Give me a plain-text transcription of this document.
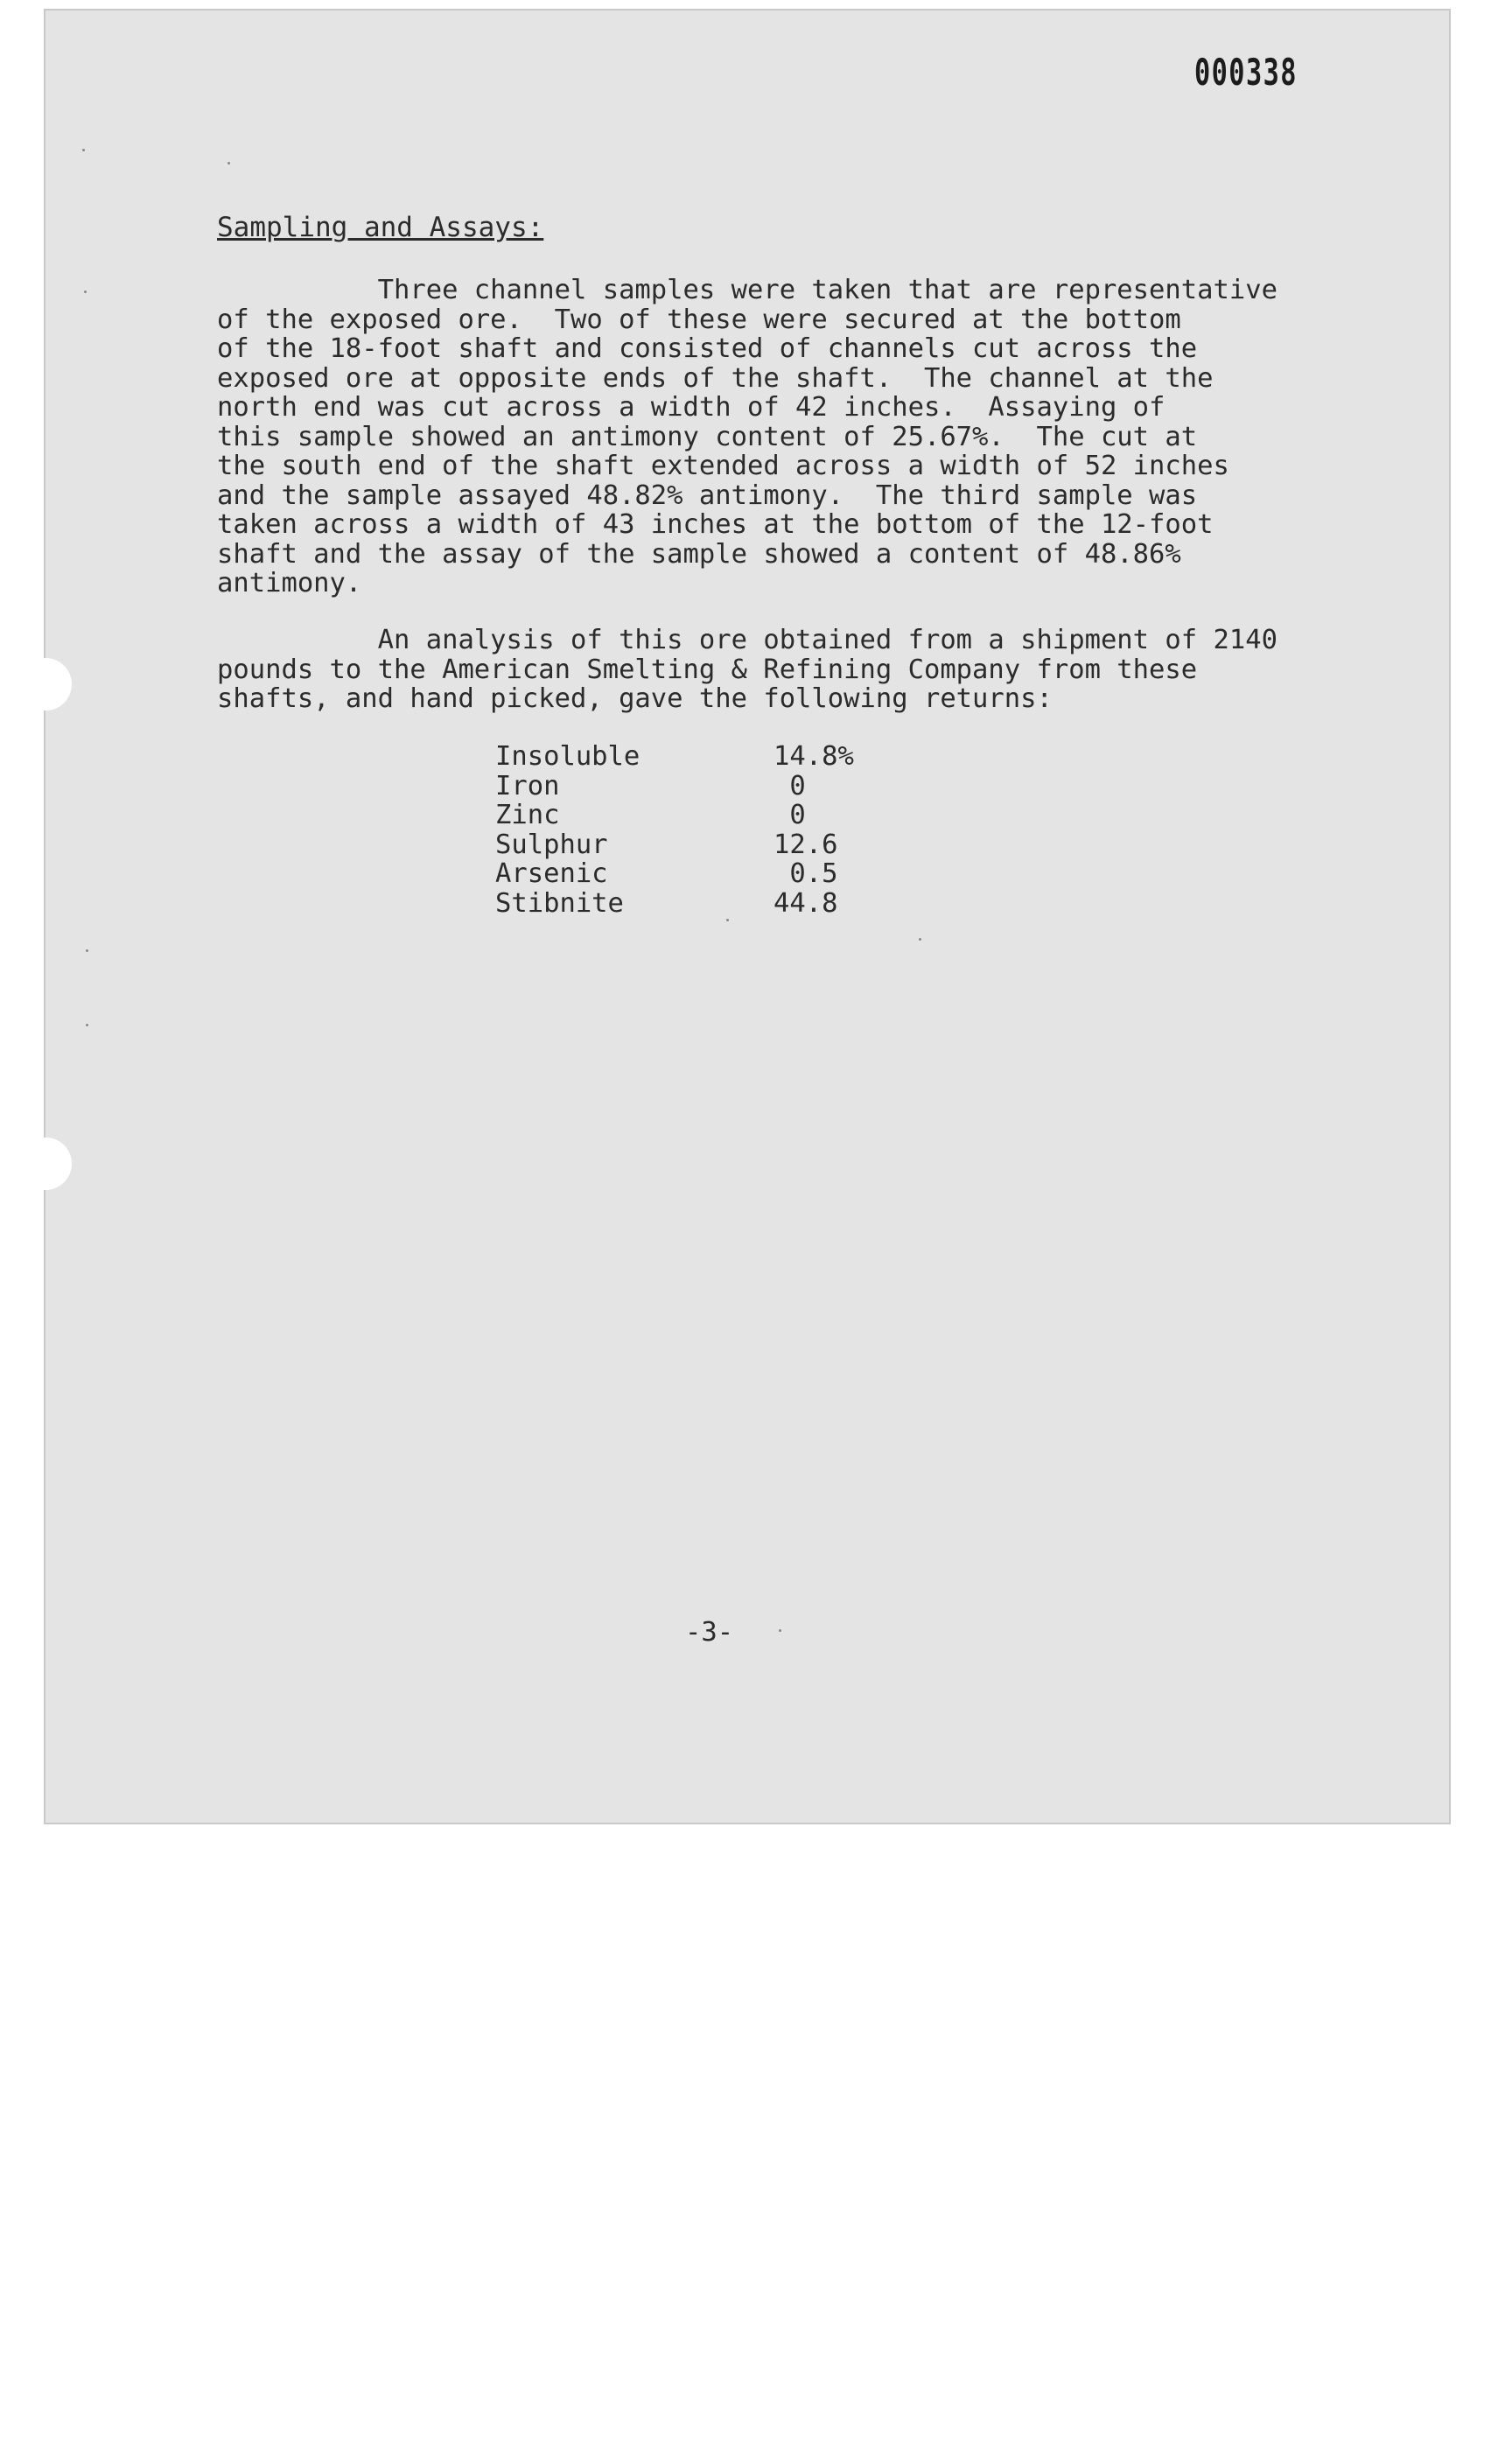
000338
Sampling and Assays:

Three channel samples were taken that are representative
of the exposed ore.  Two of these were secured at the bottom
of the 18-foot shaft and consisted of channels cut across the
exposed ore at opposite ends of the shaft.  The channel at the
north end was cut across a width of 42 inches.  Assaying of
this sample showed an antimony content of 25.67%.  The cut at
the south end of the shaft extended across a width of 52 inches
and the sample assayed 48.82% antimony.  The third sample was
taken across a width of 43 inches at the bottom of the 12-foot
shaft and the assay of the sample showed a content of 48.86%
antimony.

An analysis of this ore obtained from a shipment of 2140
pounds to the American Smelting & Refining Company from these
shafts, and hand picked, gave the following returns:

Insoluble	14.8%
Iron	0
Zinc	0
Sulphur	12.6
Arsenic	0.5
Stibnite	44.8
-3-
